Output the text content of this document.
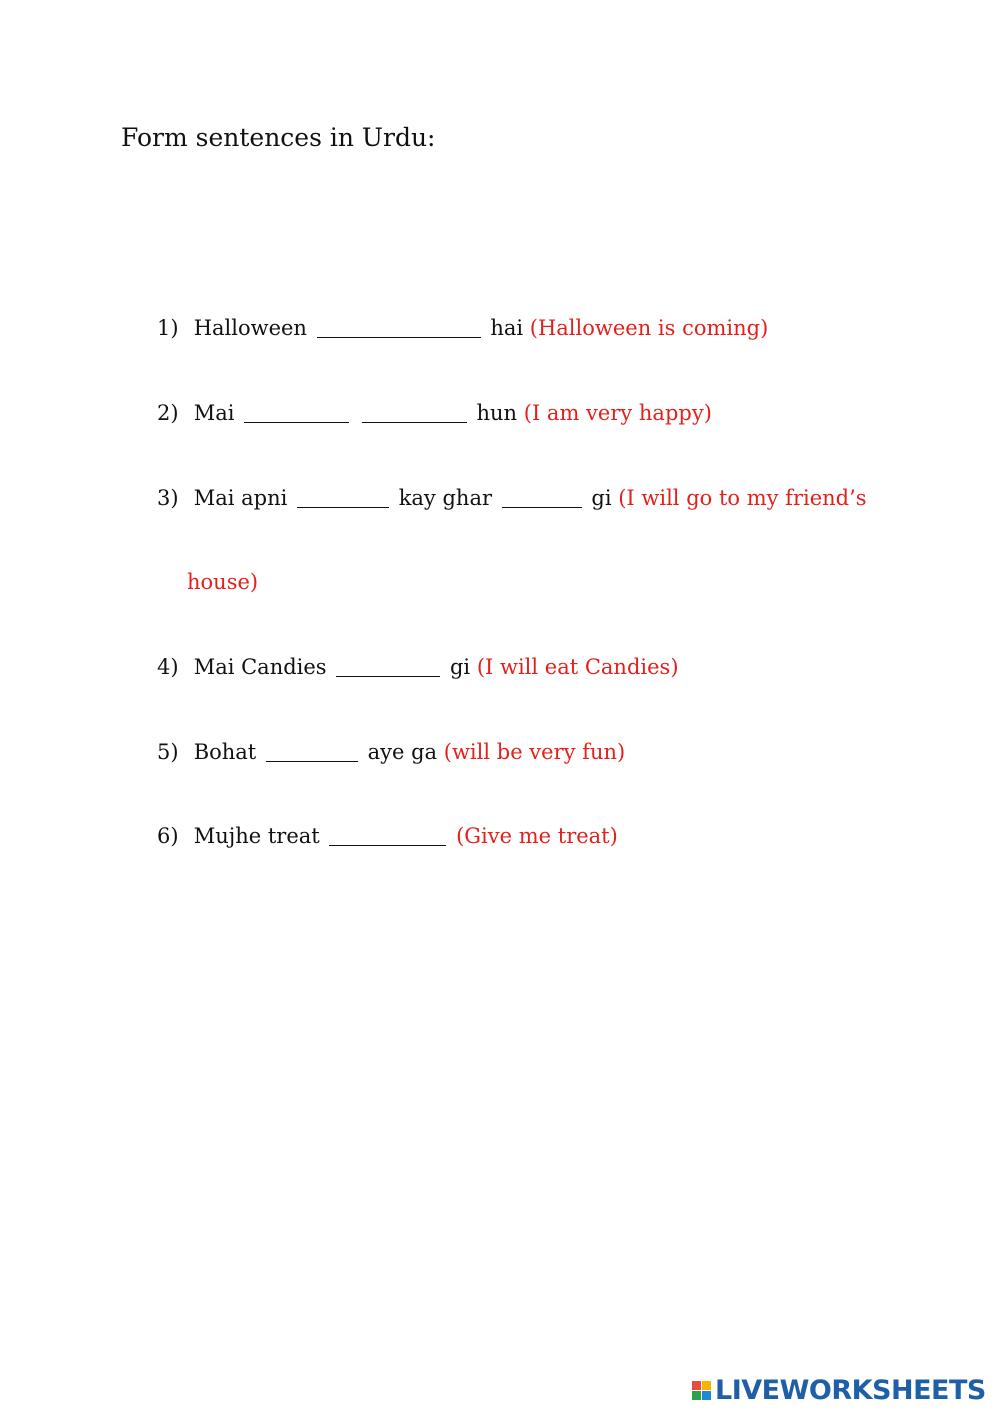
Form sentences in Urdu:
1) Halloween	hai (Halloween is coming)
2) Mai	hun (I am very happy)
3) Mai apni	kay ghar	gi (I will go to my friend’s
house)
4) Mai Candies	gi (I will eat Candies)
5) Bohat	aye ga (will be very fun)
6) Mujhe treat	(Give me treat)
LIVEWORKSHEETS
